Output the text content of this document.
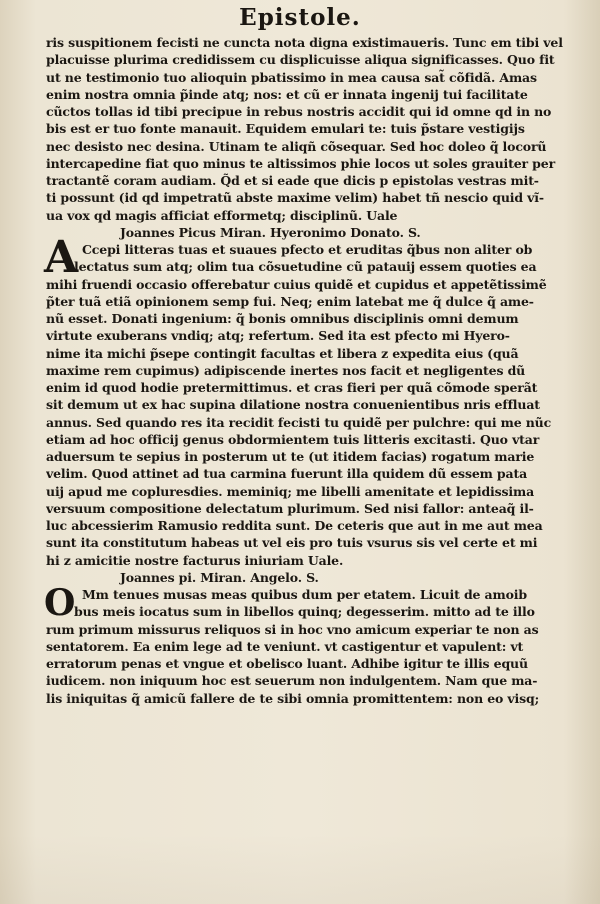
Epistole.
ris suspitionem fecisti ne cuncta nota digna existimaueris. Tunc em tibi vel
placuisse plurima credidissem cu displicuisse aliqua significasses. Quo fit
ut ne testimonio tuo alioquin pbatissimo in mea causa sat̃ cõfidã. Amas
enim nostra omnia p̃inde atq; nos: et cũ er innata ingenij tui facilitate
cũctos tollas id tibi precipue in rebus nostris accidit qui id omne qd in no
bis est er tuo fonte manauit. Equidem emulari te: tuis p̃stare vestigijs
nec desisto nec desina. Utinam te aliqñ cõsequar. Sed hoc doleo q̃ locorũ
intercapedine fiat quo minus te altissimos phie locos ut soles grauiter per
tractantẽ coram audiam. Q̃d et si eade que dicis p epistolas vestras mit-
ti possunt (id qd impetratũ abste maxime velim) habet tñ nescio quid vĩ-
ua vox qd magis afficiat efformetq; disciplinũ. Uale
Joannes Picus Miran. Hyeronimo Donato. S.
A Ccepi litteras tuas et suaues pfecto et eruditas q̃bus non aliter ob
lectatus sum atq; olim tua cõsuetudine cũ patauij essem quoties ea
mihi fruendi occasio offerebatur cuius quidẽ et cupidus et appetẽtissimẽ
p̃ter tuã etiã opinionem semp fui. Neq; enim latebat me q̃ dulce q̃ ame-
nũ esset. Donati ingenium: q̃ bonis omnibus disciplinis omni demum
virtute exuberans vndiq; atq; refertum. Sed ita est pfecto mi Hyero-
nime ita michi p̃sepe contingit facultas et libera z expedita eius (quã
maxime rem cupimus) adipiscende inertes nos facit et negligentes dũ
enim id quod hodie pretermittimus. et cras fieri per quã cõmode sperãt
sit demum ut ex hac supina dilatione nostra conuenientibus nris effluat
annus. Sed quando res ita recidit fecisti tu quidẽ per pulchre: qui me nũc
etiam ad hoc officij genus obdormientem tuis litteris excitasti. Quo vtar
aduersum te sepius in posterum ut te (ut itidem facias) rogatum marie
velim. Quod attinet ad tua carmina fuerunt illa quidem dũ essem pata
uij apud me copluresdies. meminiq; me libelli amenitate et lepidissima
versuum compositione delectatum plurimum. Sed nisi fallor: anteaq̃ il-
luc abcessierim Ramusio reddita sunt. De ceteris que aut in me aut mea
sunt ita constitutum habeas ut vel eis pro tuis vsurus sis vel certe et mi
hi z amicitie nostre facturus iniuriam Uale.
Joannes pi. Miran. Angelo. S.
O Mm tenues musas meas quibus dum per etatem. Licuit de amoib
bus meis iocatus sum in libellos quinq; degesserim. mitto ad te illo
rum primum missurus reliquos si in hoc vno amicum experiar te non as
sentatorem. Ea enim lege ad te veniunt. vt castigentur et vapulent: vt
erratorum penas et vngue et obelisco luant. Adhibe igitur te illis equũ
iudicem. non iniquum hoc est seuerum non indulgentem. Nam que ma-
lis iniquitas q̃ amicũ fallere de te sibi omnia promittentem: non eo visq;
